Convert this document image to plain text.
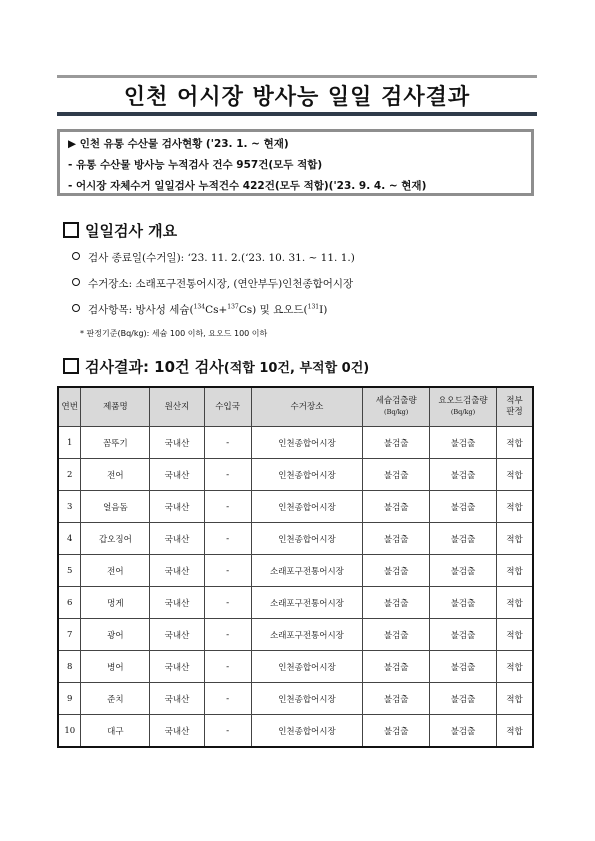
인천 어시장 방사능 일일 검사결과
▶ 인천 유통 수산물 검사현황 ('23. 1. ~ 현재)
- 유통 수산물 방사능 누적검사 건수 957건(모두 적합)
- 어시장 자체수거 일일검사 누적건수 422건(모두 적합)('23. 9. 4. ~ 현재)
일일검사 개요
검사 종료일(수거일): ‘23. 11. 2.(‘23. 10. 31. ~ 11. 1.)
수거장소: 소래포구전통어시장, (연안부두)인천종합어시장
검사항목: 방사성 세슘($^{134}$Cs+$^{137}$Cs) 및 요오드($^{131}$I)
* 판정기준(Bq/kg): 세슘 100 이하, 요오드 100 이하
검사결과: 10건 검사(적합 10건, 부적합 0건)
연번	제품명	원산지	수입국	수거장소	세슘검출량
(Bq/kg)	요오드검출량
(Bq/kg)	적부
판정
1	꼼뚜기	국내산	-	인천종합어시장	불검출	불검출	적합
2	전어	국내산	-	인천종합어시장	불검출	불검출	적합
3	얼음돔	국내산	-	인천종합어시장	불검출	불검출	적합
4	갑오징어	국내산	-	인천종합어시장	불검출	불검출	적합
5	전어	국내산	-	소래포구전통어시장	불검출	불검출	적합
6	멍게	국내산	-	소래포구전통어시장	불검출	불검출	적합
7	광어	국내산	-	소래포구전통어시장	불검출	불검출	적합
8	병어	국내산	-	인천종합어시장	불검출	불검출	적합
9	준치	국내산	-	인천종합어시장	불검출	불검출	적합
10	대구	국내산	-	인천종합어시장	불검출	불검출	적합
